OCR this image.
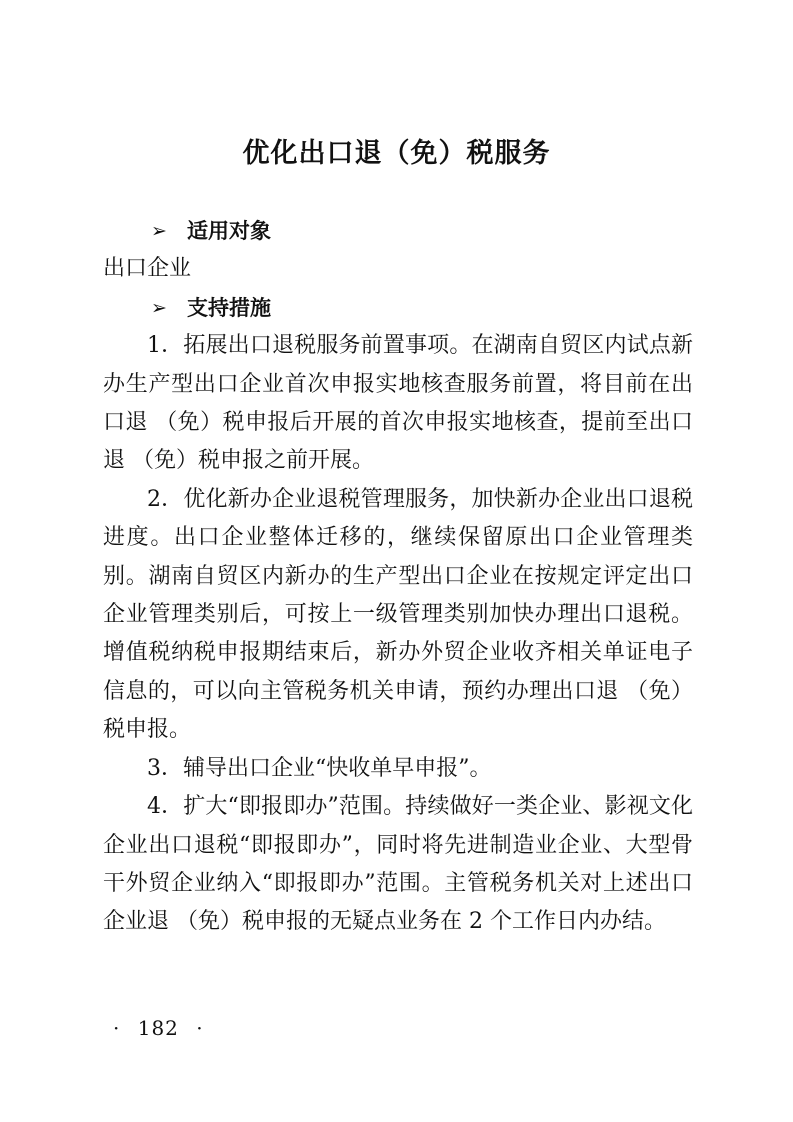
优化出口退（免）税服务
➢ 适用对象

出口企业

➢ 支持措施

1．拓展出口退税服务前置事项。在湖南自贸区内试点新办生产型出口企业首次申报实地核查服务前置，将目前在出口退 （免）税申报后开展的首次申报实地核查，提前至出口退 （免）税申报之前开展。

2．优化新办企业退税管理服务，加快新办企业出口退税进度。出口企业整体迁移的，继续保留原出口企业管理类别。湖南自贸区内新办的生产型出口企业在按规定评定出口企业管理类别后，可按上一级管理类别加快办理出口退税。增值税纳税申报期结束后，新办外贸企业收齐相关单证电子信息的，可以向主管税务机关申请，预约办理出口退 （免）税申报。

3．辅导出口企业“快收单早申报”。

4．扩大“即报即办”范围。持续做好一类企业、影视文化企业出口退税“即报即办”，同时将先进制造业企业、大型骨干外贸企业纳入“即报即办”范围。主管税务机关对上述出口企业退 （免）税申报的无疑点业务在 2 个工作日内办结。

· 182 ·
